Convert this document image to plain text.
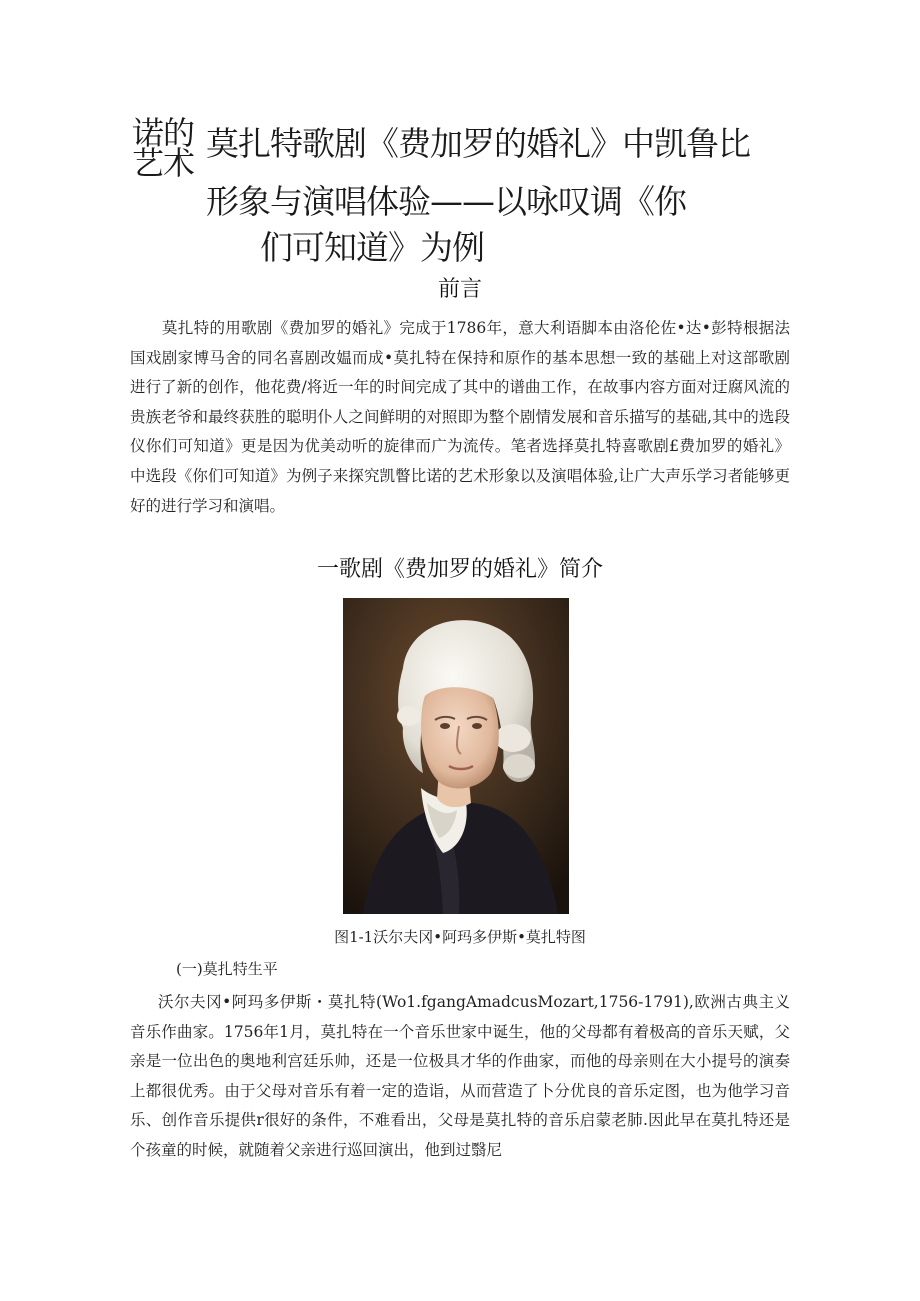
诺的
艺术 莫扎特歌剧《费加罗的婚礼》中凯鲁比
形象与演唱体验——以咏叹调《你
们可知道》为例
前言

莫扎特的用歌剧《费加罗的婚礼》完成于1786年，意大利语脚本由洛伦佐•达•彭特根据法国戏剧家博马舍的同名喜剧改媪而成•莫扎特在保持和原作的基本思想一致的基础上对这部歌剧进行了新的创作，他花费/将近一年的时间完成了其中的谱曲工作，在故事内容方面对迂腐风流的贵族老爷和最终获胜的聪明仆人之间鲜明的对照即为整个剧情发展和音乐描写的基础,其中的选段仪你们可知道》更是因为优美动听的旋律而广为流传。笔者选择莫扎特喜歌剧£费加罗的婚礼》中选段《你们可知道》为例子来探究凯瞥比诺的艺术形象以及演唱体验,让广大声乐学习者能够更好的进行学习和演唱。

一歌剧《费加罗的婚礼》简介
图1-1沃尔夫冈•阿玛多伊斯•莫扎特图
(一)莫扎特生平

沃尔夫冈•阿玛多伊斯・莫扎特(Wo1.fgangAmadcusMozart,1756-1791),欧洲古典主义音乐作曲家。1756年1月，莫扎特在一个音乐世家中诞生，他的父母都有着极高的音乐天赋，父亲是一位出色的奥地利宫廷乐帅，还是一位极具才华的作曲家，而他的母亲则在大小提号的演奏上都很优秀。由于父母对音乐有着一定的造诣，从而营造了卜分优良的音乐定图，也为他学习音乐、创作音乐提供r很好的条件，不难看出，父母是莫扎特的音乐启蒙老肺.因此早在莫扎特还是个孩童的时候，就随着父亲进行巡回演出，他到过翳尼
